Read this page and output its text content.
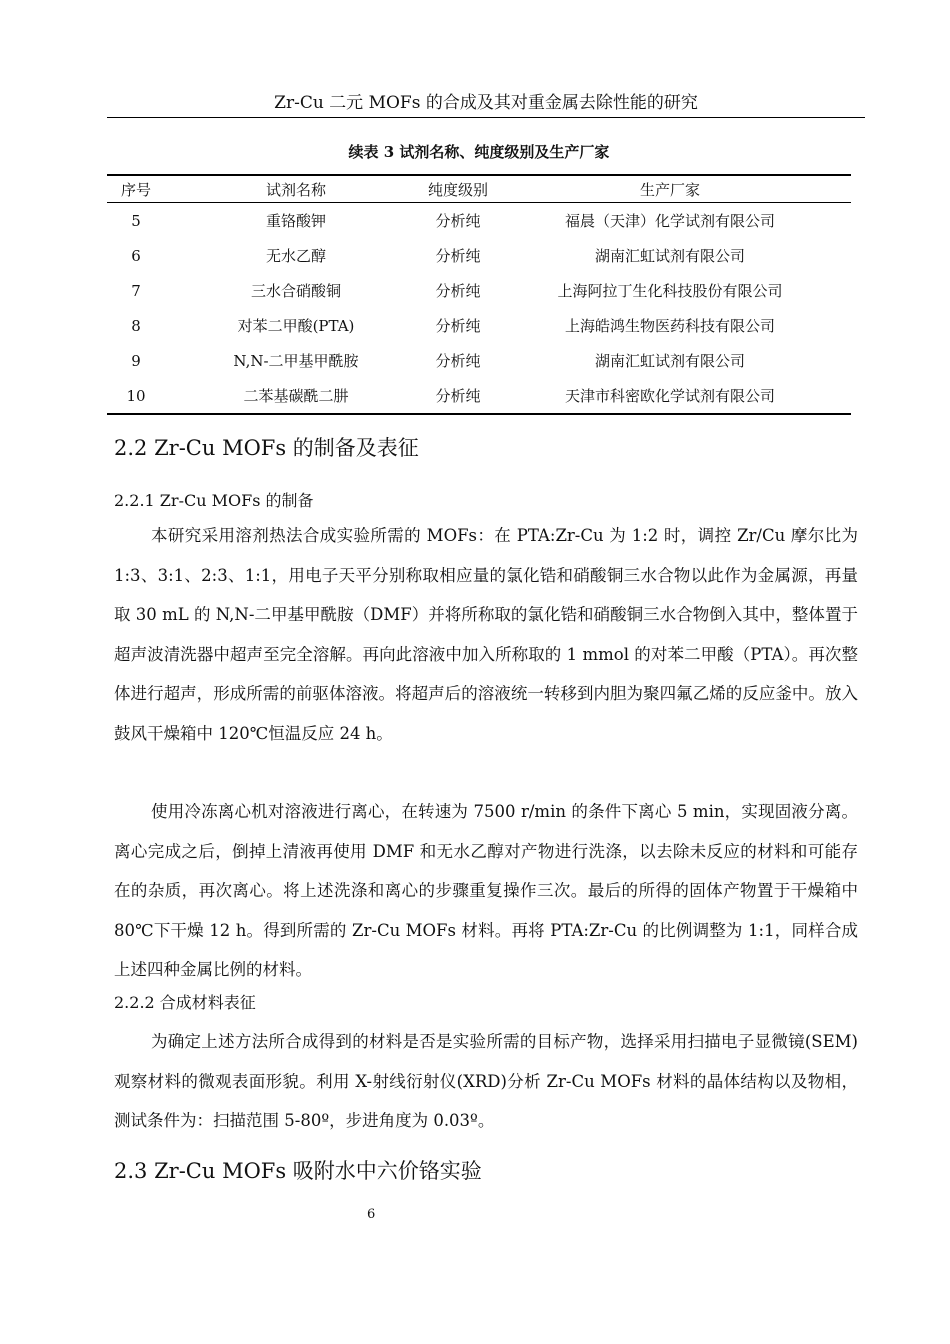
Zr-Cu 二元 MOFs 的合成及其对重金属去除性能的研究
续表 3 试剂名称、纯度级别及生产厂家
序号	试剂名称	纯度级别	生产厂家
5	重铬酸钾	分析纯	福晨（天津）化学试剂有限公司
6	无水乙醇	分析纯	湖南汇虹试剂有限公司
7	三水合硝酸铜	分析纯	上海阿拉丁生化科技股份有限公司
8	对苯二甲酸(PTA)	分析纯	上海皓鸿生物医药科技有限公司
9	N,N-二甲基甲酰胺	分析纯	湖南汇虹试剂有限公司
10	二苯基碳酰二肼	分析纯	天津市科密欧化学试剂有限公司
2.2 Zr-Cu MOFs 的制备及表征
2.2.1 Zr-Cu MOFs 的制备

本研究采用溶剂热法合成实验所需的 MOFs：在 PTA:Zr-Cu 为 1:2 时，调控 Zr/Cu 摩尔比为 1:3、3:1、2:3、1:1，用电子天平分别称取相应量的氯化锆和硝酸铜三水合物以此作为金属源，再量取 30 mL 的 N,N-二甲基甲酰胺（DMF）并将所称取的氯化锆和硝酸铜三水合物倒入其中，整体置于超声波清洗器中超声至完全溶解。再向此溶液中加入所称取的 1 mmol 的对苯二甲酸（PTA）。再次整体进行超声，形成所需的前驱体溶液。将超声后的溶液统一转移到内胆为聚四氟乙烯的反应釜中。放入鼓风干燥箱中 120℃恒温反应 24 h。

使用冷冻离心机对溶液进行离心，在转速为 7500 r/min 的条件下离心 5 min，实现固液分离。离心完成之后，倒掉上清液再使用 DMF 和无水乙醇对产物进行洗涤，以去除未反应的材料和可能存在的杂质，再次离心。将上述洗涤和离心的步骤重复操作三次。最后的所得的固体产物置于干燥箱中 80℃下干燥 12 h。得到所需的 Zr-Cu MOFs 材料。再将 PTA:Zr-Cu 的比例调整为 1:1，同样合成上述四种金属比例的材料。

2.2.2 合成材料表征

为确定上述方法所合成得到的材料是否是实验所需的目标产物，选择采用扫描电子显微镜(SEM) 观察材料的微观表面形貌。利用 X-射线衍射仪(XRD)分析 Zr-Cu MOFs 材料的晶体结构以及物相，测试条件为：扫描范围 5-80º，步进角度为 0.03º。

2.3 Zr-Cu MOFs 吸附水中六价铬实验
6
